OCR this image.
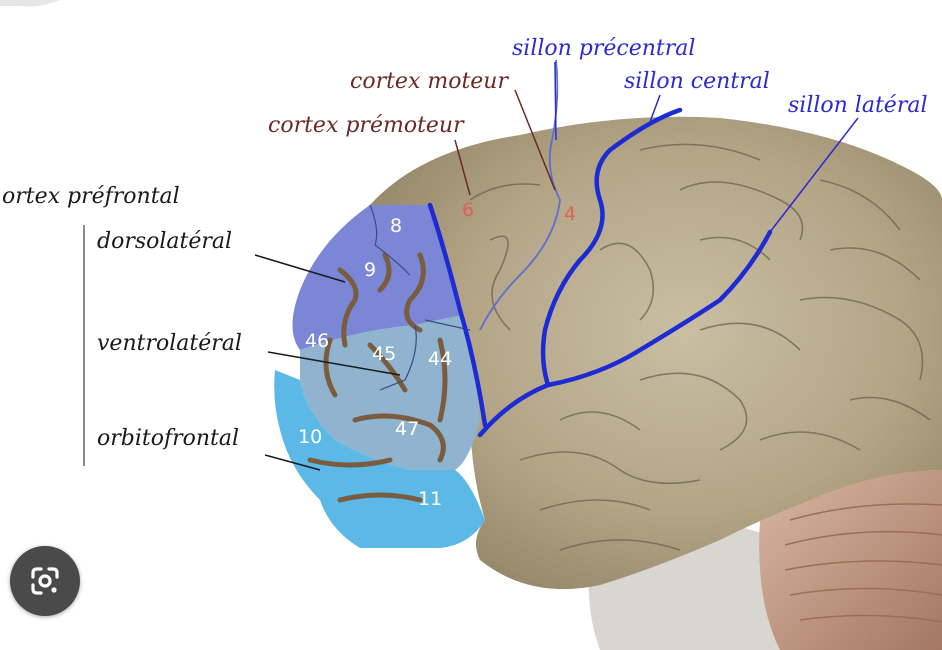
8
9
46
45 44
47
10
11
6	4
sillon précentral
cortex moteur	sillon central
cortex prémoteur
sillon latéral
ortex préfrontal
dorsolatéral
ventrolatéral
orbitofrontal
